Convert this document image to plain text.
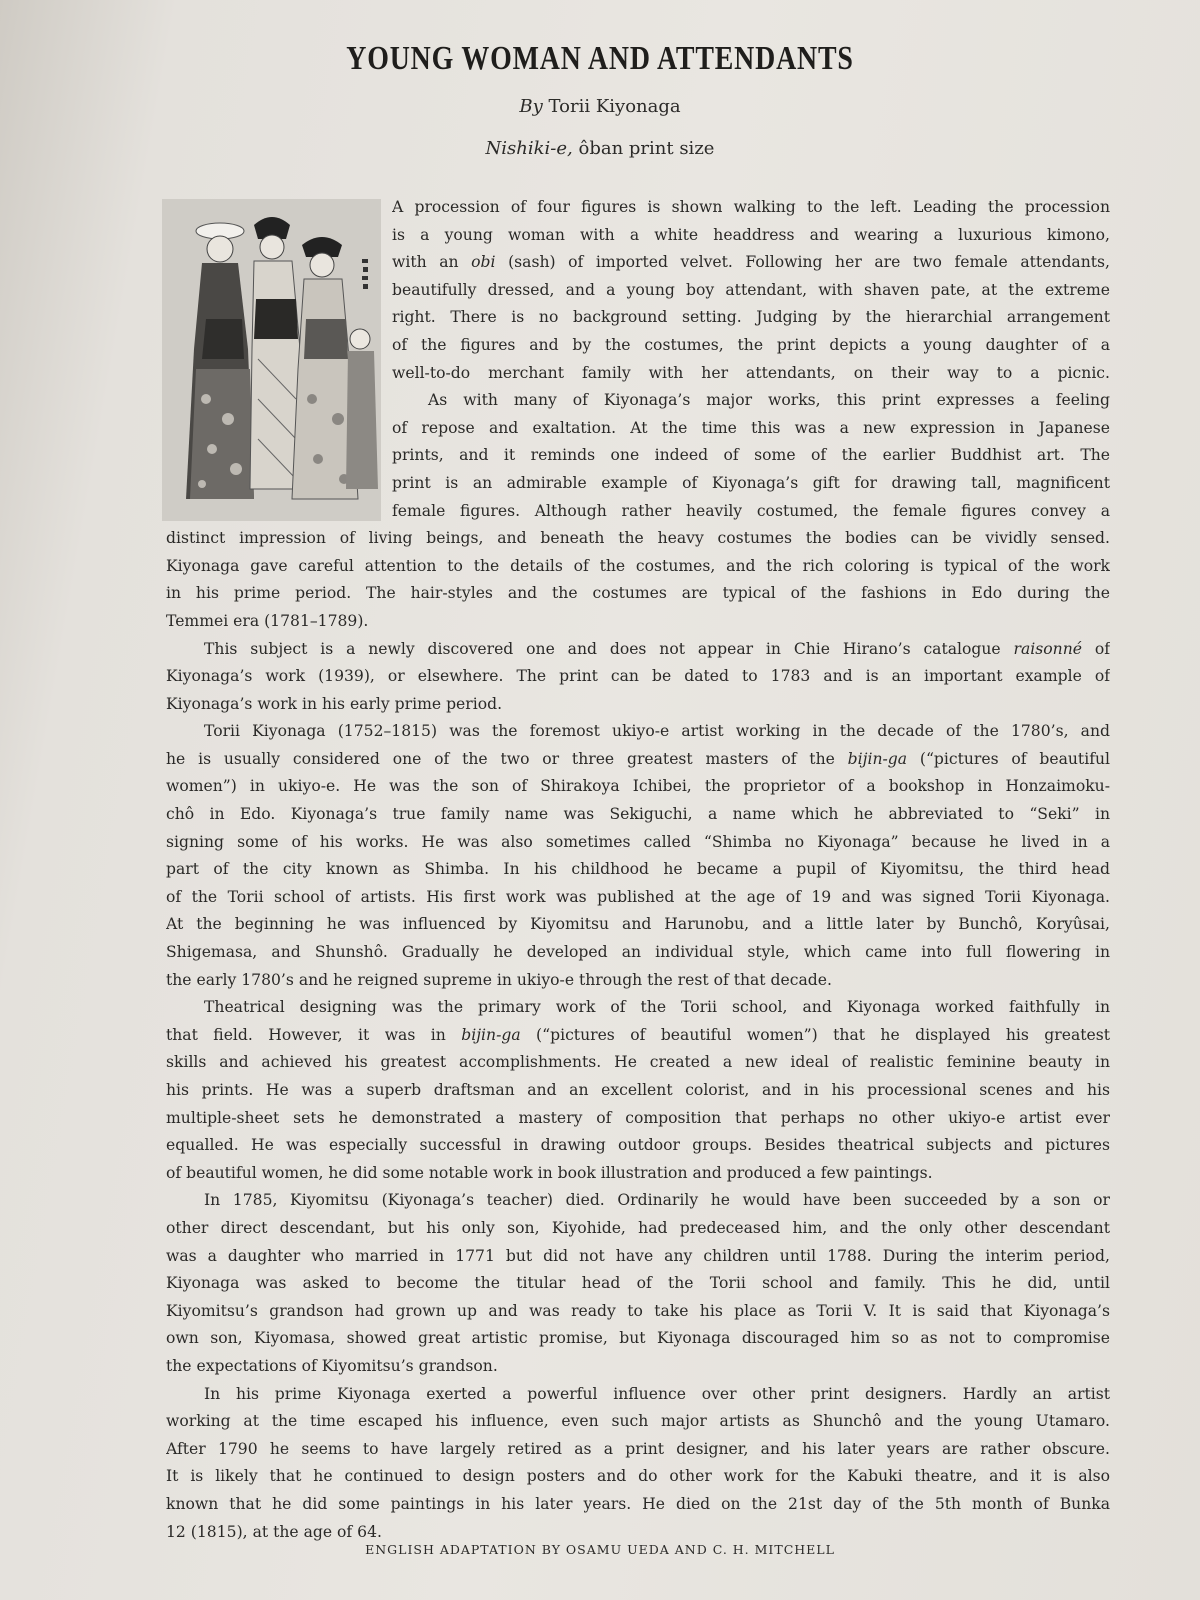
YOUNG WOMAN AND ATTENDANTS
By Torii Kiyonaga
Nishiki-e, ôban print size
A procession of four figures is shown walking to the left. Leading the procession
is a young woman with a white headdress and wearing a luxurious kimono,
with an obi (sash) of imported velvet. Following her are two female attendants,
beautifully dressed, and a young boy attendant, with shaven pate, at the extreme
right. There is no background setting. Judging by the hierarchial arrangement
of the figures and by the costumes, the print depicts a young daughter of a
well-to-do merchant family with her attendants, on their way to a picnic.
As with many of Kiyonaga’s major works, this print expresses a feeling
of repose and exaltation. At the time this was a new expression in Japanese
prints, and it reminds one indeed of some of the earlier Buddhist art. The
print is an admirable example of Kiyonaga’s gift for drawing tall, magnificent
female figures. Although rather heavily costumed, the female figures convey a
distinct impression of living beings, and beneath the heavy costumes the bodies can be vividly sensed.
Kiyonaga gave careful attention to the details of the costumes, and the rich coloring is typical of the work
in his prime period. The hair-styles and the costumes are typical of the fashions in Edo during the
Temmei era (1781–1789).
This subject is a newly discovered one and does not appear in Chie Hirano’s catalogue raisonné of
Kiyonaga’s work (1939), or elsewhere. The print can be dated to 1783 and is an important example of
Kiyonaga’s work in his early prime period.
Torii Kiyonaga (1752–1815) was the foremost ukiyo-e artist working in the decade of the 1780’s, and
he is usually considered one of the two or three greatest masters of the bijin-ga (“pictures of beautiful
women”) in ukiyo-e. He was the son of Shirakoya Ichibei, the proprietor of a bookshop in Honzaimoku-
chô in Edo. Kiyonaga’s true family name was Sekiguchi, a name which he abbreviated to “Seki” in
signing some of his works. He was also sometimes called “Shimba no Kiyonaga” because he lived in a
part of the city known as Shimba. In his childhood he became a pupil of Kiyomitsu, the third head
of the Torii school of artists. His first work was published at the age of 19 and was signed Torii Kiyonaga.
At the beginning he was influenced by Kiyomitsu and Harunobu, and a little later by Bunchô, Koryûsai,
Shigemasa, and Shunshô. Gradually he developed an individual style, which came into full flowering in
the early 1780’s and he reigned supreme in ukiyo-e through the rest of that decade.
Theatrical designing was the primary work of the Torii school, and Kiyonaga worked faithfully in
that field. However, it was in bijin-ga (“pictures of beautiful women”) that he displayed his greatest
skills and achieved his greatest accomplishments. He created a new ideal of realistic feminine beauty in
his prints. He was a superb draftsman and an excellent colorist, and in his processional scenes and his
multiple-sheet sets he demonstrated a mastery of composition that perhaps no other ukiyo-e artist ever
equalled. He was especially successful in drawing outdoor groups. Besides theatrical subjects and pictures
of beautiful women, he did some notable work in book illustration and produced a few paintings.
In 1785, Kiyomitsu (Kiyonaga’s teacher) died. Ordinarily he would have been succeeded by a son or
other direct descendant, but his only son, Kiyohide, had predeceased him, and the only other descendant
was a daughter who married in 1771 but did not have any children until 1788. During the interim period,
Kiyonaga was asked to become the titular head of the Torii school and family. This he did, until
Kiyomitsu’s grandson had grown up and was ready to take his place as Torii V. It is said that Kiyonaga’s
own son, Kiyomasa, showed great artistic promise, but Kiyonaga discouraged him so as not to compromise
the expectations of Kiyomitsu’s grandson.
In his prime Kiyonaga exerted a powerful influence over other print designers. Hardly an artist
working at the time escaped his influence, even such major artists as Shunchô and the young Utamaro.
After 1790 he seems to have largely retired as a print designer, and his later years are rather obscure.
It is likely that he continued to design posters and do other work for the Kabuki theatre, and it is also
known that he did some paintings in his later years. He died on the 21st day of the 5th month of Bunka
12 (1815), at the age of 64.
ENGLISH ADAPTATION BY OSAMU UEDA AND C. H. MITCHELL
